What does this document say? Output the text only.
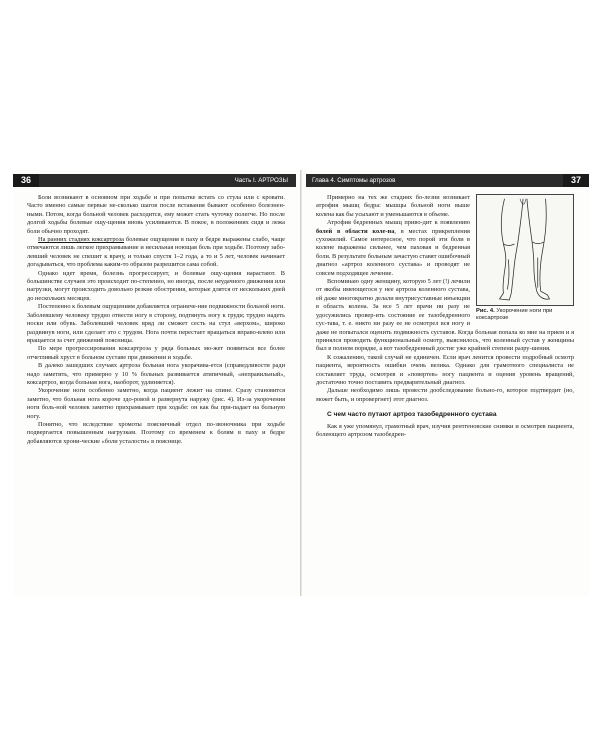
36	Часть I. АРТРОЗЫ

Боли возникают в основном при ходьбе и при попытке встать со стула или с кровати. Часто именно самые первые не-сколько шагов после вставания бывают особенно болезнен-ными. Потом, когда больной человек расходится, ему может стать чуточку полегче. Но после долгой ходьбы болевые ощу-щения вновь усиливаются. В покое, в положениях сидя и лежа боли обычно проходят.

На ранних стадиях коксартроза болевые ощущения в паху и бедре выражены слабо, чаще отмечаются лишь легкое прихрамывание и несильная ноющая боль при ходьбе. Поэтому забо-левший человек не спешит к врачу, и только спустя 1–2 года, а то и 5 лет, человек начинает догадываться, что проблема каким-то образом разрешится сама собой.

Однако идет время, болезнь прогрессирует, и болевые ощу-щения нарастают. В большинстве случаев это происходит по-степенно, но иногда, после неудачного движения или нагрузки, могут происходить довольно резкие обострения, которые длятся от нескольких дней до нескольких месяцев.

Постепенно к болевым ощущениям добавляется ограниче-ние подвижности больной ноги. Заболевшему человеку трудно отвести ногу в сторону, подтянуть ногу к груди; трудно надеть носки или обувь. Заболевший человек вряд ли сможет сесть на стул «верхом», широко раздвинув ноги, или сделает это с трудом. Нога почти перестает вращаться вправо-влево или вращается за счет движений поясницы.

По мере прогрессирования коксартроза у ряда больных мо-жет появиться все более отчетливый хруст в больном суставе при движении и ходьбе.

В далеко зашедших случаях артроза больная нога укорачива-ется (справедливости ради надо заметить, что примерно у 10 % больных развивается атипичный, «неправильный», коксартроз, когда больная нога, наоборот, удлиняется).

Укорочение ноги особенно заметно, когда пациент лежит на спине. Сразу становится заметно, что больная нога короче здо-ровой и развернута наружу (рис. 4). Из-за укорочения ноги боль-ной человек заметно прихрамывает при ходьбе: он как бы при-падает на больную ногу.

Понятно, что вследствие хромоты поясничный отдел по-звоночника при ходьбе подвергается повышенным нагрузкам. Поэтому со временем к болям в паху и бедре добавляются хрони-ческие «боли усталости» в пояснице.

Глава 4. Симптомы артрозов	37
Рис. 4. Укорочение ноги при коксартрозе

Примерно на тех же стадиях бо-лезни возникает атрофия мышц бедра: мышцы больной ноги выше колена как бы усыхают и уменьшаются в объеме.

Атрофия бедренных мышц приво-дит к появлению болей в области коле-на, в местах прикрепления сухожилий. Самое интересное, что порой эти боли в колене выражены сильнее, чем паховая и бедренная боли. В результате больным зачастую ставят ошибочный диагноз «артроз коленного сустава» и проводят не совсем подходящее лечение.

Вспоминаю одну женщину, которую 5 лет (!) лечили от якобы имеющегося у нее артроза коленного сустава, ей даже многократно делали внутрисуставные инъекции в область колена. За все 5 лет врачи ни разу не удосужились провер-ить состояние ее тазобедренного сус-тава, т. е. никто ни разу ее не осмотрел вся ногу и даже не попытался оценить подвижность суставов. Когда больная попала ко мне на прием и я принялся проводить функциональный осмотр, выяснилось, что коленный сустав у женщины был в полном порядке, а вот тазобедренный достиг уже крайней степени разру-шения.

К сожалению, такой случай не единичен. Если врач ленится провести подробный осмотр пациента, вероятность ошибки очень велика. Однако для грамотного специалиста не составляет труда, осмотрев и «повертев» ногу пациента и оценив уровень вращений, достаточно точно поставить предварительный диагноз.

Дальше необходимо лишь провести дообследование больно-го, которое подтвердит (но, может быть, и опровергнет) этот диагноз.

С чем часто путают артроз тазобедренного сустава

Как я уже упомянул, грамотный врач, изучив рентгеновские снимки и осмотрев пациента, болеющего артрозом тазобедрен-
